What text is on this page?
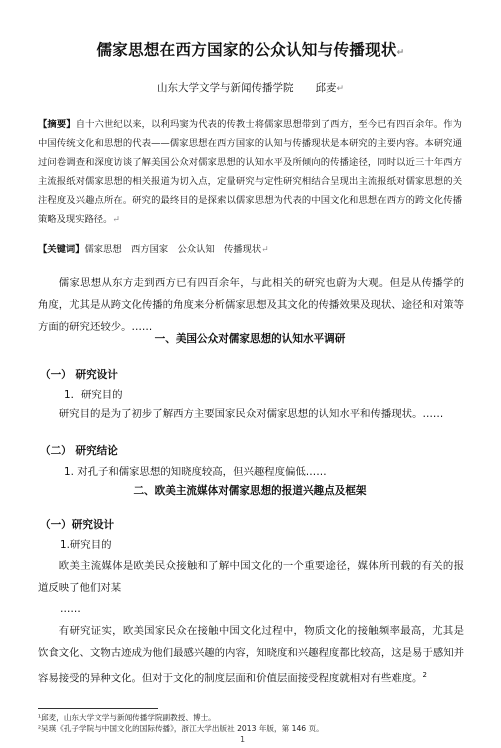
儒家思想在西方国家的公众认知与传播现状↵
山东大学文学与新闻传播学院 邱麦↵
【摘要】自十六世纪以来，以利玛窦为代表的传教士将儒家思想带到了西方，至今已有四百余年。作为中国传统文化和思想的代表——儒家思想在西方国家的认知与传播现状是本研究的主要内容。本研究通过问卷调查和深度访谈了解美国公众对儒家思想的认知水平及所倾向的传播途径，同时以近三十年西方主流报纸对儒家思想的相关报道为切入点，定量研究与定性研究相结合呈现出主流报纸对儒家思想的关注程度及兴趣点所在。研究的最终目的是探索以儒家思想为代表的中国文化和思想在西方的跨文化传播策略及现实路径。↵
【关键词】儒家思想　西方国家　公众认知　传播现状↵
儒家思想从东方走到西方已有四百余年，与此相关的研究也蔚为大观。但是从传播学的角度，尤其是从跨文化传播的角度来分析儒家思想及其文化的传播效果及现状、途径和对策等方面的研究还较少。……
一、美国公众对儒家思想的认知水平调研
（一） 研究设计
1．研究目的
研究目的是为了初步了解西方主要国家民众对儒家思想的认知水平和传播现状。……
（二） 研究结论
1. 对孔子和儒家思想的知晓度较高，但兴趣程度偏低……
二、欧美主流媒体对儒家思想的报道兴趣点及框架
（一）研究设计
1.研究目的
欧美主流媒体是欧美民众接触和了解中国文化的一个重要途径，媒体所刊载的有关的报道反映了他们对某
……
有研究证实，欧美国家民众在接触中国文化过程中，物质文化的接触频率最高，尤其是饮食文化、文物古迹成为他们最感兴趣的内容，知晓度和兴趣程度都比较高，这是易于感知并容易接受的异种文化。但对于文化的制度层面和价值层面接受程度就相对有些难度。$^2$
¹邱麦，山东大学文学与新闻传播学院副教授、博士。
²吴瑛《孔子学院与中国文化的国际传播》，浙江大学出版社 2013 年版，第 146 页。
1
